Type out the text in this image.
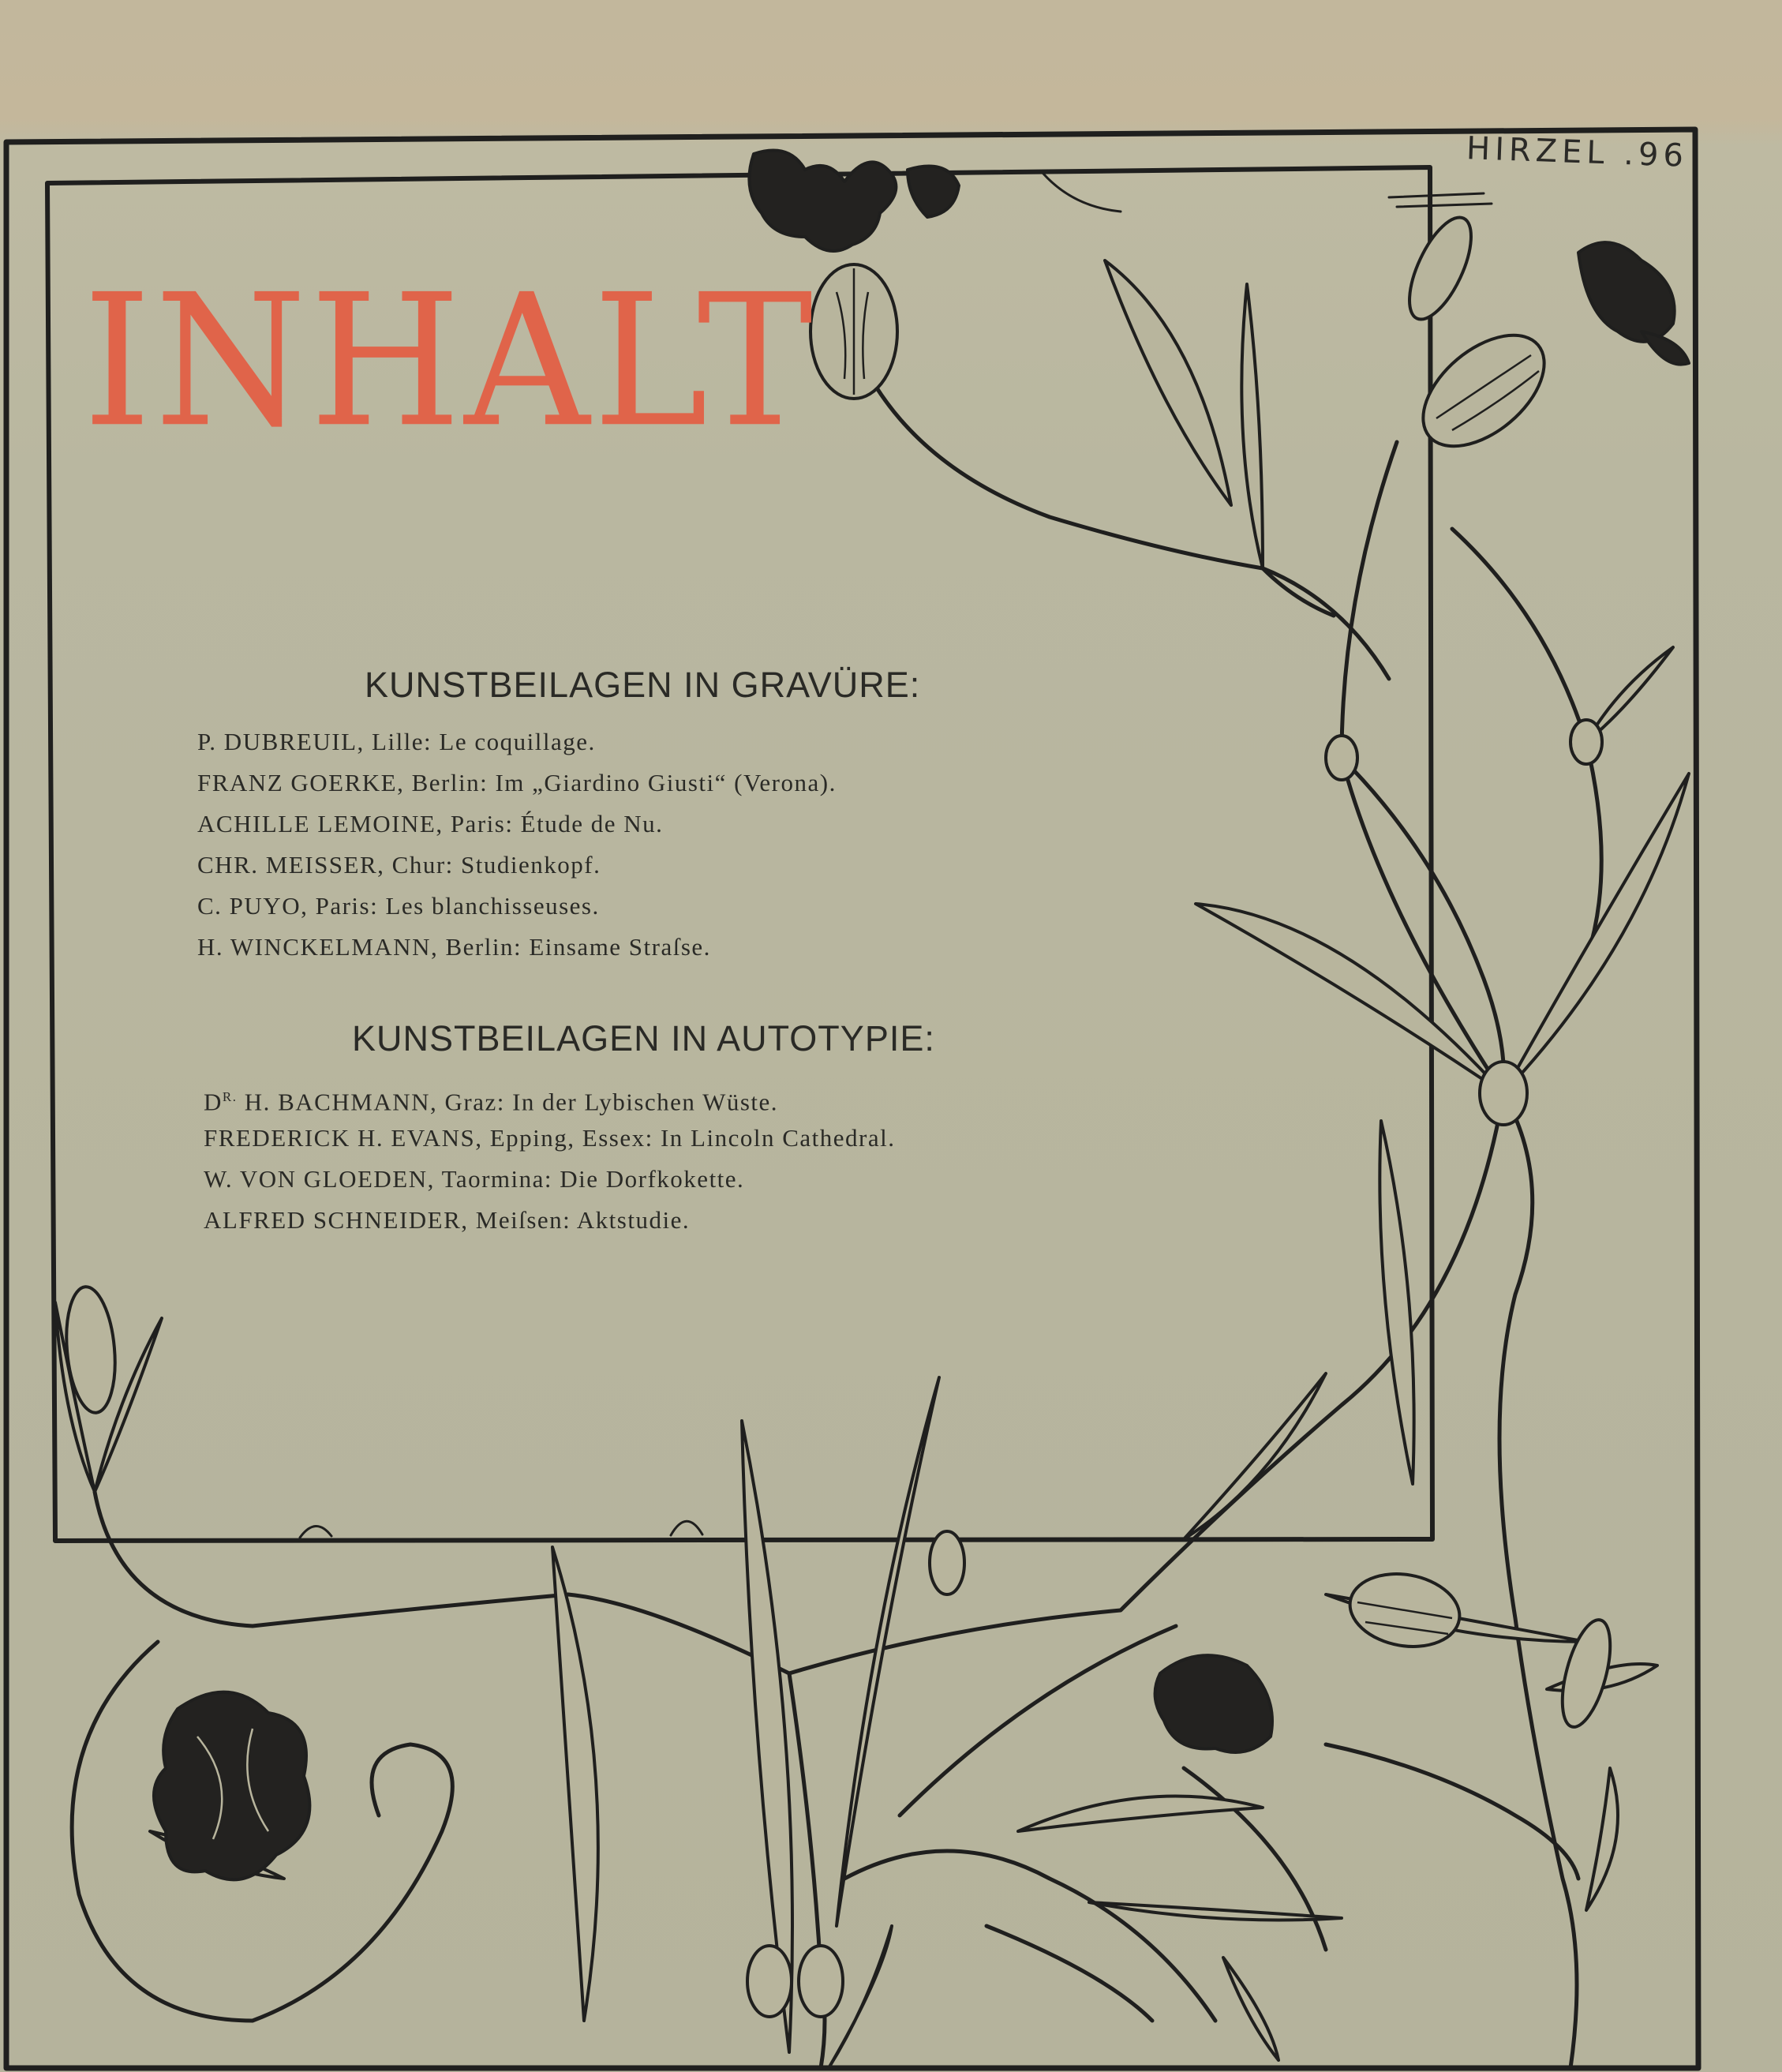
HIRZEL .96
INHALT
KUNSTBEILAGEN IN GRAVÜRE:
P. DUBREUIL, Lille: Le coquillage.
FRANZ GOERKE, Berlin: Im „Giardino Giusti“ (Verona).
ACHILLE LEMOINE, Paris: Étude de Nu.
CHR. MEISSER, Chur: Studienkopf.
C. PUYO, Paris: Les blanchisseuses.
H. WINCKELMANN, Berlin: Einsame Straſse.
KUNSTBEILAGEN IN AUTOTYPIE:
$D^{R.}$ H. BACHMANN, Graz: In der Lybischen Wüste.
FREDERICK H. EVANS, Epping, Essex: In Lincoln Cathedral.
W. VON GLOEDEN, Taormina: Die Dorfkokette.
ALFRED SCHNEIDER, Meiſsen: Aktstudie.
